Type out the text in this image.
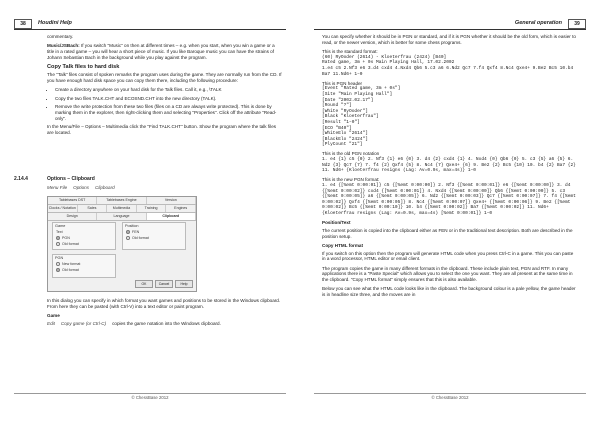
38	Houdini Help

commentary.

Music/JSBach: If you switch "Music" on then at different times – e.g. when you start, when you win a game or a title in a rated game – you will hear a short piece of music. If you like Baroque music you can have the strains of Johann Sebastian Bach in the background while you play against the program.

Copy Talk files to hard disk

The "Talk" files consist of spoken remarks the program uses during the game. They are normally run from the CD. If you have enough hard disk space you can copy them there, including the following procedure:

• Create a directory anywhere on your hard disk for the Talk files. Call it, e.g., \TALK
• Copy the two files TALK.CHT and ECOSND.CHT into the new directory (TALK).
• Remove the write protection from these two files (files on a CD are always write protected). This is done by marking them in the explorer, then right-clicking them and selecting "Properties". Click off the attribute "Read-only".

In the Menu/File – Options – Multimedia click the "Find TALK.CHT" button. Show the program where the talk files are located.

2.14.4	Options – Clipboard
Menu File Options Clipboard
Tablebases DST	Tablebases Engine	Version
Clocks / Notation	Sales	Multimedia	Training	Engines
Design	Language	Clipboard
Game
Text
PGN
Old format
Position
FEN
Old format
PGN
New format
Old format
OK	Cancel	Help

In this dialog you can specify in which format you want games and positions to be stored in the Windows clipboard. From here they can be pasted (with Ctrl-V) into a text editor or paint program.

Game

Edit Copy game (or Ctrl-C) copies the game notation into the Windows clipboard.

© ChessBase 2012
General operation	39

You can specify whether it should be in PGN or standard, and if it is PGN whether it should be the old form, which is easier to read, or the newer version, which is better for some chess programs.

This is the standard format:

(60) RyOoder (2614) - Kloeterfrau (2424) [B40]
Rated game, 3m + 0s Main Playing Hall, 17.02.2002
1.e4 c5 2.Nf3 e6 3.d4 cxd4 4.Nxd4 Qb6 5.c3 a6 6.Nd2 Qc7 7.f4 Qxf4 8.Nc4 Qxe4+ 9.Be2 Bc5 10.b4 Ba7 11.Nd6+ 1–0

This is PGN header

[Event "Rated game, 3m + 0s"]
[Site "Main Playing Hall"]
[Date "2002.02.17"]
[Round "?"]
[White "RyOoder"]
[Black "Kloeterfrau"]
[Result "1–0"]
[ECO "B40"]
[WhiteElo "2614"]
[BlackElo "2424"]
[PlyCount "21"]

This is the old PGN notation

1. e4 {1} c5 {0} 2. Nf3 {1} e6 {0} 3. d4 {2} cxd4 {1} 4. Nxd4 {0} Qb6 {0} 5. c3 {5} a6 {5} 6. Nd2 {3} Qc7 {7} 7. f4 {2} Qxf4 {5} 8. Nc4 {7} Qxe4+ {6} 9. Be2 {2} Bc5 {10} 10. b4 {2} Ba7 {2} 11. Nd6+ {Kloeterfrau resigns (Lag: Av=0.9s, max=4s)} 1–0

This is the new PGN format:

1. e4 {[%emt 0:00:01]} c5 {[%emt 0:00:00]} 2. Nf3 {[%emt 0:00:01]} e6 {[%emt 0:00:00]} 3. d4 {[%emt 0:00:02]} cxd4 {[%emt 0:00:01]} 4. Nxd4 {[%emt 0:00:00]} Qb6 {[%emt 0:00:00]} 5. c3 {[%emt 0:00:05]} a6 {[%emt 0:00:05]} 6. Nd2 {[%emt 0:00:03]} Qc7 {[%emt 0:00:07]} 7. f4 {[%emt 0:00:02]} Qxf4 {[%emt 0:00:05]} 8. Nc4 {[%emt 0:00:07]} Qxe4+ {[%emt 0:00:06]} 9. Be2 {[%emt 0:00:02]} Bc5 {[%emt 0:00:10]} 10. b4 {[%emt 0:00:02]} Ba7 {[%emt 0:00:02]} 11. Nd6+ {Kloeterfrau resigns (Lag: Av=0.9s, max=4s) [%emt 0:00:01]} 1–0

Position/Text

The current position is copied into the clipboard either as FEN or in the traditional text description. Both are described in the position setup.

Copy HTML format

If you switch on this option then the program will generate HTML code when you press Ctrl-C in a game. This you can paste in a word processor, HTML editor or email client.

The program copies the game in many different formats in the clipboard. These include plain text, PGN and RTF. In many applications there is a "Paste Special" which allows you to select the one you want. They are all present at the same time in the clipboard. "Copy HTML format" simply ensures that this is also available.

Below you can see what the HTML code looks like in the clipboard. The background colour is a pale yellow, the game header is in headline size three, and the moves are in

© ChessBase 2012
